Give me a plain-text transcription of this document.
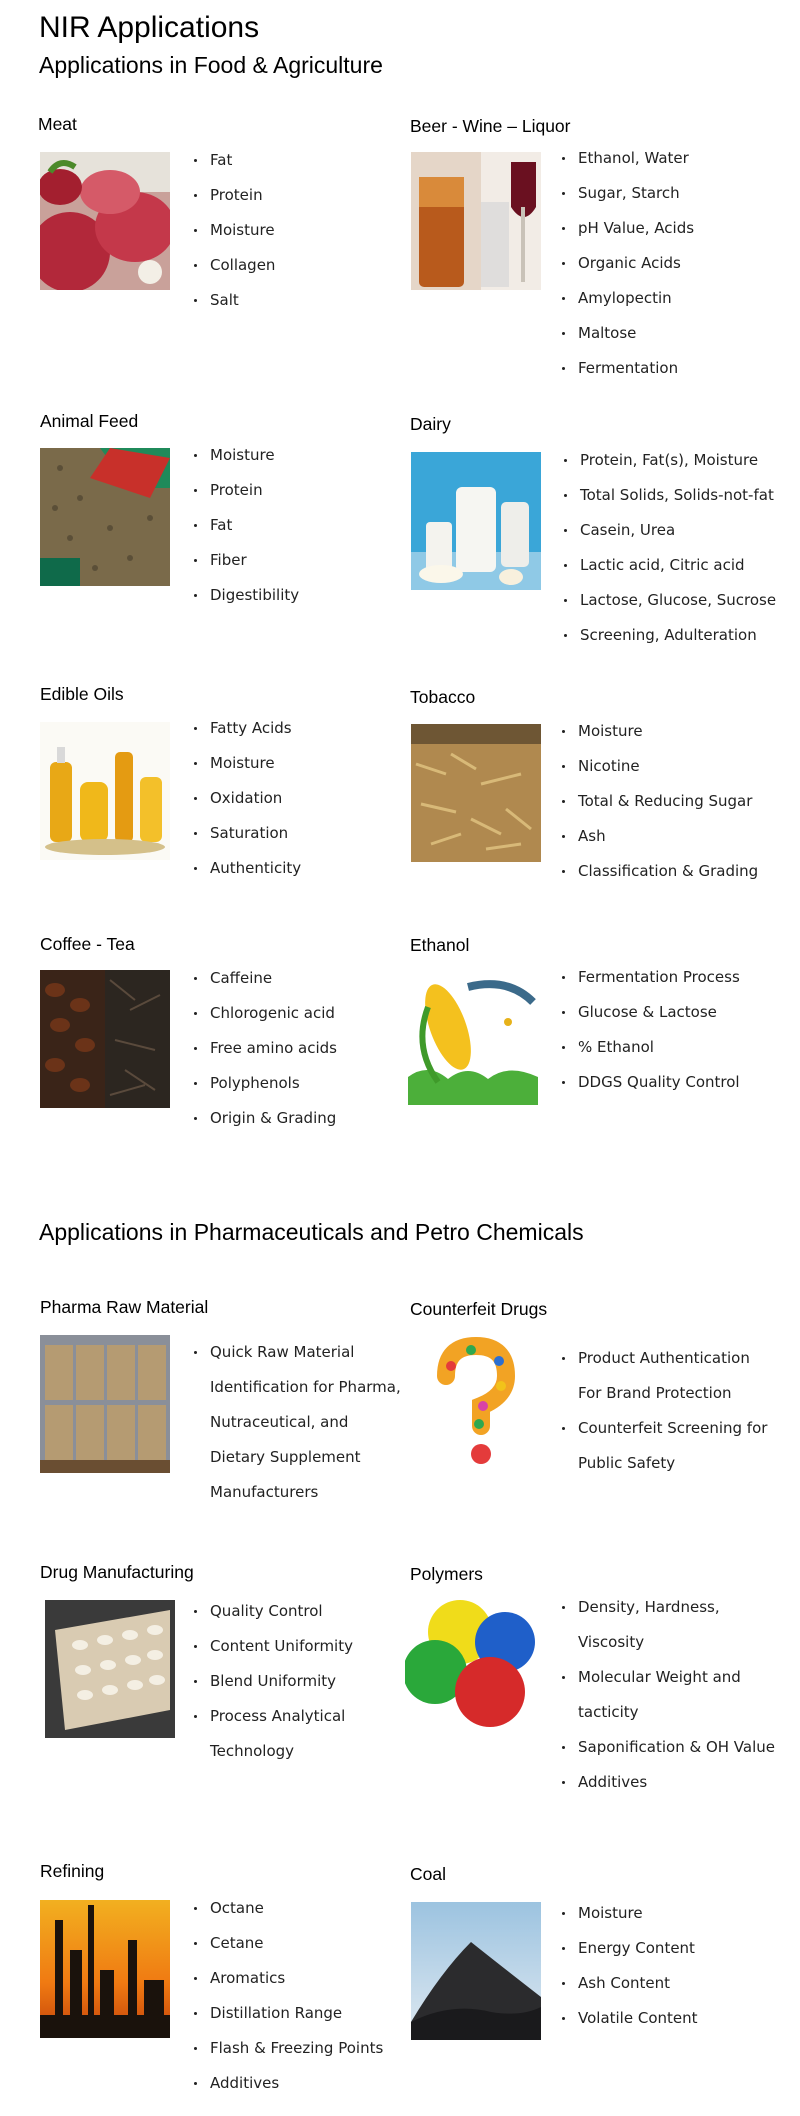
NIR Applications
Applications in Food & Agriculture
Meat
Fat
Protein
Moisture
Collagen
Salt
Beer - Wine – Liquor
Ethanol, Water
Sugar, Starch
pH Value, Acids
Organic Acids
Amylopectin
Maltose
Fermentation
Animal Feed
Moisture
Protein
Fat
Fiber
Digestibility
Dairy
Protein, Fat(s), Moisture
Total Solids, Solids-not-fat
Casein, Urea
Lactic acid, Citric acid
Lactose, Glucose, Sucrose
Screening, Adulteration
Edible Oils
Fatty Acids
Moisture
Oxidation
Saturation
Authenticity
Tobacco
Moisture
Nicotine
Total & Reducing Sugar
Ash
Classification & Grading
Coffee - Tea
Caffeine
Chlorogenic acid
Free amino acids
Polyphenols
Origin & Grading
Ethanol
Fermentation Process
Glucose & Lactose
% Ethanol
DDGS Quality Control
Applications in Pharmaceuticals and Petro Chemicals
Pharma Raw Material
Quick Raw Material
Identification for Pharma,
Nutraceutical, and
Dietary Supplement
Manufacturers
Counterfeit Drugs
Product Authentication
For Brand Protection
Counterfeit Screening for
Public Safety
Drug Manufacturing
Quality Control
Content Uniformity
Blend Uniformity
Process Analytical
Technology
Polymers
Density, Hardness,
Viscosity
Molecular Weight and
tacticity
Saponification & OH Value
Additives
Refining
Octane
Cetane
Aromatics
Distillation Range
Flash & Freezing Points
Additives
Coal
Moisture
Energy Content
Ash Content
Volatile Content
